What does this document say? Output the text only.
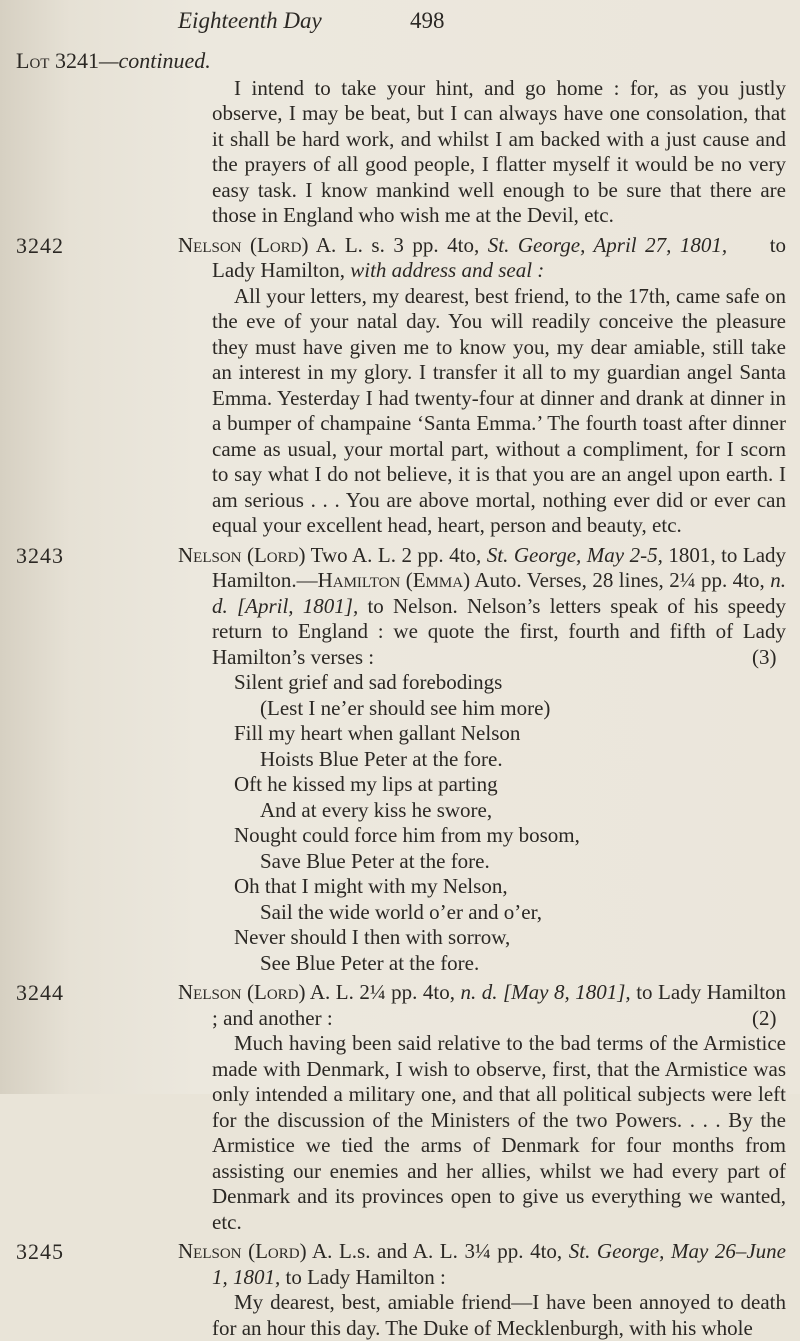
Eighteenth Day	498
Lot 3241—continued.

I intend to take your hint, and go home : for, as you justly observe, I may be beat, but I can always have one consolation, that it shall be hard work, and whilst I am backed with a just cause and the prayers of all good people, I flatter myself it would be no very easy task. I know mankind well enough to be sure that there are those in England who wish me at the Devil, etc.

3242	Nelson (Lord) A. L. s. 3 pp. 4to, St. George, April 27, 1801, to Lady Hamilton, with address and seal :

All your letters, my dearest, best friend, to the 17th, came safe on the eve of your natal day. You will readily conceive the pleasure they must have given me to know you, my dear amiable, still take an interest in my glory. I transfer it all to my guardian angel Santa Emma. Yesterday I had twenty-four at dinner and drank at dinner in a bumper of champaine ‘Santa Emma.’ The fourth toast after dinner came as usual, your mortal part, without a compliment, for I scorn to say what I do not believe, it is that you are an angel upon earth. I am serious . . . You are above mortal, nothing ever did or ever can equal your excellent head, heart, person and beauty, etc.

3243	Nelson (Lord) Two A. L. 2 pp. 4to, St. George, May 2-5, 1801, to Lady Hamilton.—Hamilton (Emma) Auto. Verses, 28 lines, 2¼ pp. 4to, n. d. [April, 1801], to Nelson. Nelson’s letters speak of his speedy return to England : we quote the first, fourth and fifth of Lady Hamilton’s verses :	(3)
Silent grief and sad forebodings
(Lest I ne’er should see him more)
Fill my heart when gallant Nelson
Hoists Blue Peter at the fore.
Oft he kissed my lips at parting
And at every kiss he swore,
Nought could force him from my bosom,
Save Blue Peter at the fore.
Oh that I might with my Nelson,
Sail the wide world o’er and o’er,
Never should I then with sorrow,
See Blue Peter at the fore.
3244	Nelson (Lord) A. L. 2¼ pp. 4to, n. d. [May 8, 1801], to Lady Hamilton ; and another :	(2)

Much having been said relative to the bad terms of the Armistice made with Denmark, I wish to observe, first, that the Armistice was only intended a military one, and that all political subjects were left for the discussion of the Ministers of the two Powers. . . . By the Armistice we tied the arms of Denmark for four months from assisting our enemies and her allies, whilst we had every part of Denmark and its provinces open to give us everything we wanted, etc.

3245	Nelson (Lord) A. L.s. and A. L. 3¼ pp. 4to, St. George, May 26–June 1, 1801, to Lady Hamilton :

My dearest, best, amiable friend—I have been annoyed to death for an hour this day. The Duke of Mecklenburgh, with his whole
